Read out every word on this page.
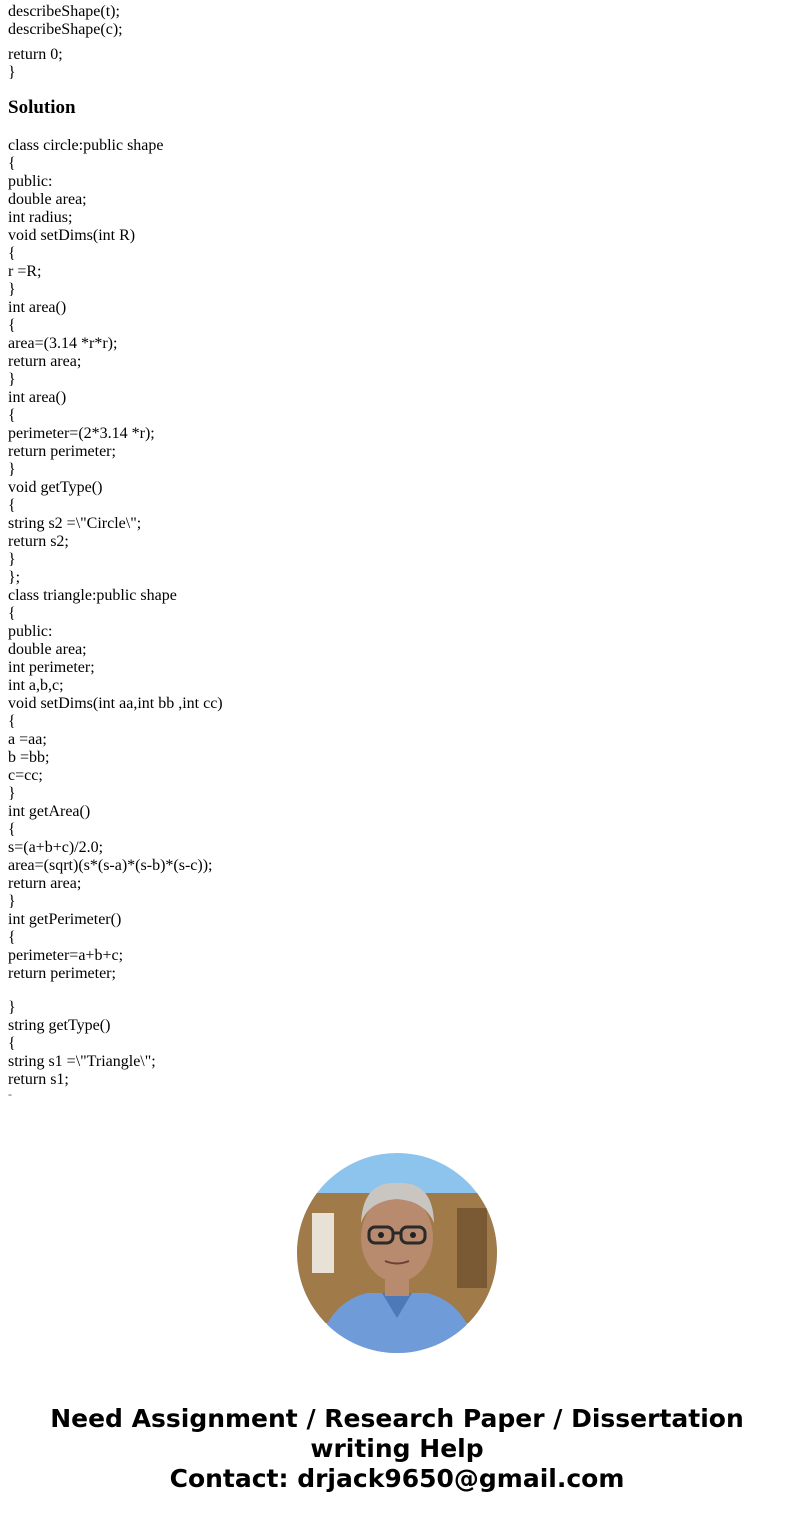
describeShape(t);
describeShape(c);
return 0;
}
Solution
class circle:public shape
{
public:
double area;
int radius;
void setDims(int R)
{
r =R;
}
int area()
{
area=(3.14 *r*r);
return area;
}
int area()
{
perimeter=(2*3.14 *r);
return perimeter;
}
void getType()
{
string s2 =\"Circle\";
return s2;
}
};
class triangle:public shape
{
public:
double area;
int perimeter;
int a,b,c;
void setDims(int aa,int bb ,int cc)
{
a =aa;
b =bb;
c=cc;
}
int getArea()
{
s=(a+b+c)/2.0;
area=(sqrt)(s*(s-a)*(s-b)*(s-c));
return area;
}
int getPerimeter()
{
perimeter=a+b+c;
return perimeter;
}
string getType()
{
string s1 =\"Triangle\";
return s1;
-
Need Assignment / Research Paper / Dissertation
writing Help
Contact: drjack9650@gmail.com
